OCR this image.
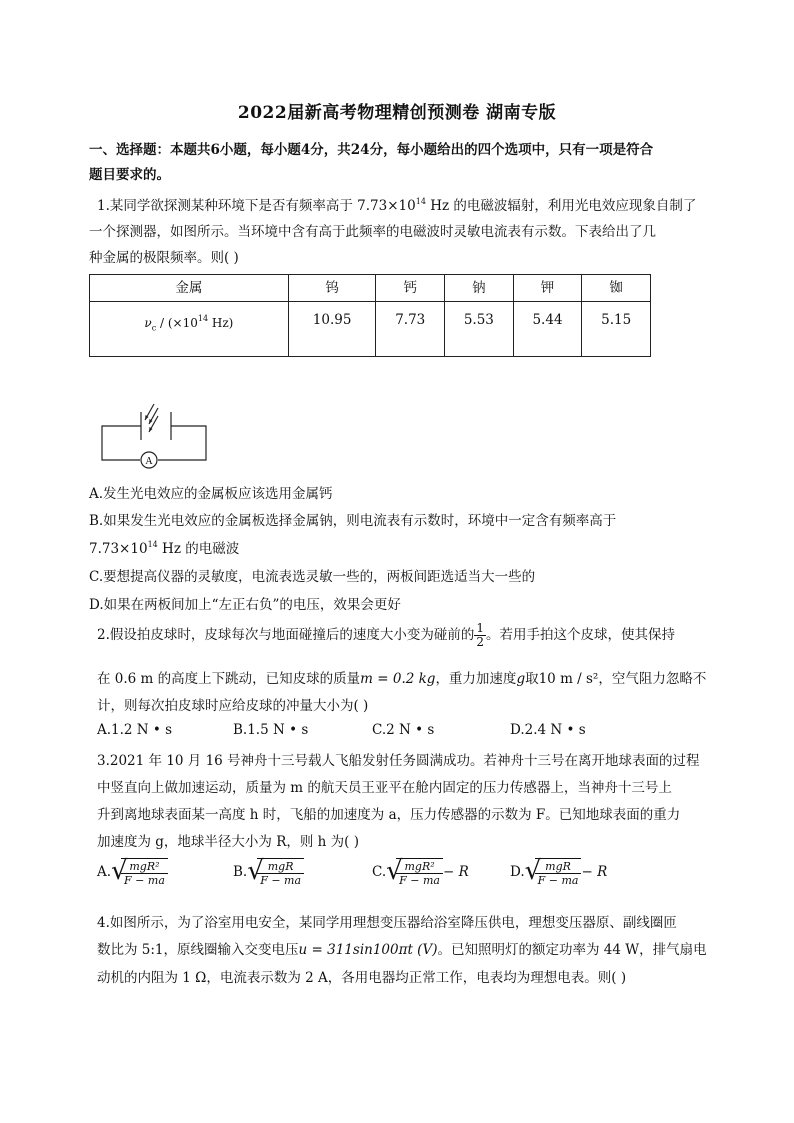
2022届新高考物理精创预测卷 湖南专版
一、选择题：本题共6小题，每小题4分，共24分，每小题给出的四个选项中，只有一项是符合
题目要求的。
1.某同学欲探测某种环境下是否有频率高于 $7.73\times 10^{14}$ Hz 的电磁波辐射，利用光电效应现象自制了
一个探测器，如图所示。当环境中含有高于此频率的电磁波时灵敏电流表有示数。下表给出了几
种金属的极限频率。则( )
金属	钨	钙	钠	钾	铷
$\nu_c / (\times 10^{14}$ Hz)	10.95	7.73	5.53	5.44	5.15
A
A.发生光电效应的金属板应该选用金属钙
B.如果发生光电效应的金属板选择金属钠，则电流表有示数时，环境中一定含有频率高于
$7.73\times 10^{14}$ Hz 的电磁波
C.要想提高仪器的灵敏度，电流表选灵敏一些的，两板间距选适当大一些的
D.如果在两板间加上“左正右负”的电压，效果会更好
2.假设拍皮球时，皮球每次与地面碰撞后的速度大小变为碰前的 $\frac{1}{2}$ 。若用手拍这个皮球，使其保持
在 0.6 m 的高度上下跳动，已知皮球的质量m = 0.2 kg，重力加速度g取10 m / s²，空气阻力忽略不
计，则每次拍皮球时应给皮球的冲量大小为( )
A.1.2 N • s	B.1.5 N • s	C.2 N • s	D.2.4 N • s
3.2021 年 10 月 16 号神舟十三号载人飞船发射任务圆满成功。若神舟十三号在离开地球表面的过程
中竖直向上做加速运动，质量为 m 的航天员王亚平在舱内固定的压力传感器上，当神舟十三号上
升到离地球表面某一高度 h 时，飞船的加速度为 a，压力传感器的示数为 F。已知地球表面的重力
加速度为 g，地球半径大小为 R，则 h 为( )
A. √
$\frac{\text{mgR²}}{F - ma}$	B. √
$\frac{\text{mgR}}{F - ma}$	C. √
$\frac{\text{mgR²}}{F - ma} - R$	D. √
$\frac{\text{mgR}}{F - ma} - R$
4.如图所示，为了浴室用电安全，某同学用理想变压器给浴室降压供电，理想变压器原、副线圈匝
数比为 5:1，原线圈输入交变电压u = 311sin100πt (V)。已知照明灯的额定功率为 44 W，排气扇电
动机的内阻为 1 Ω，电流表示数为 2 A，各用电器均正常工作，电表均为理想电表。则( )
